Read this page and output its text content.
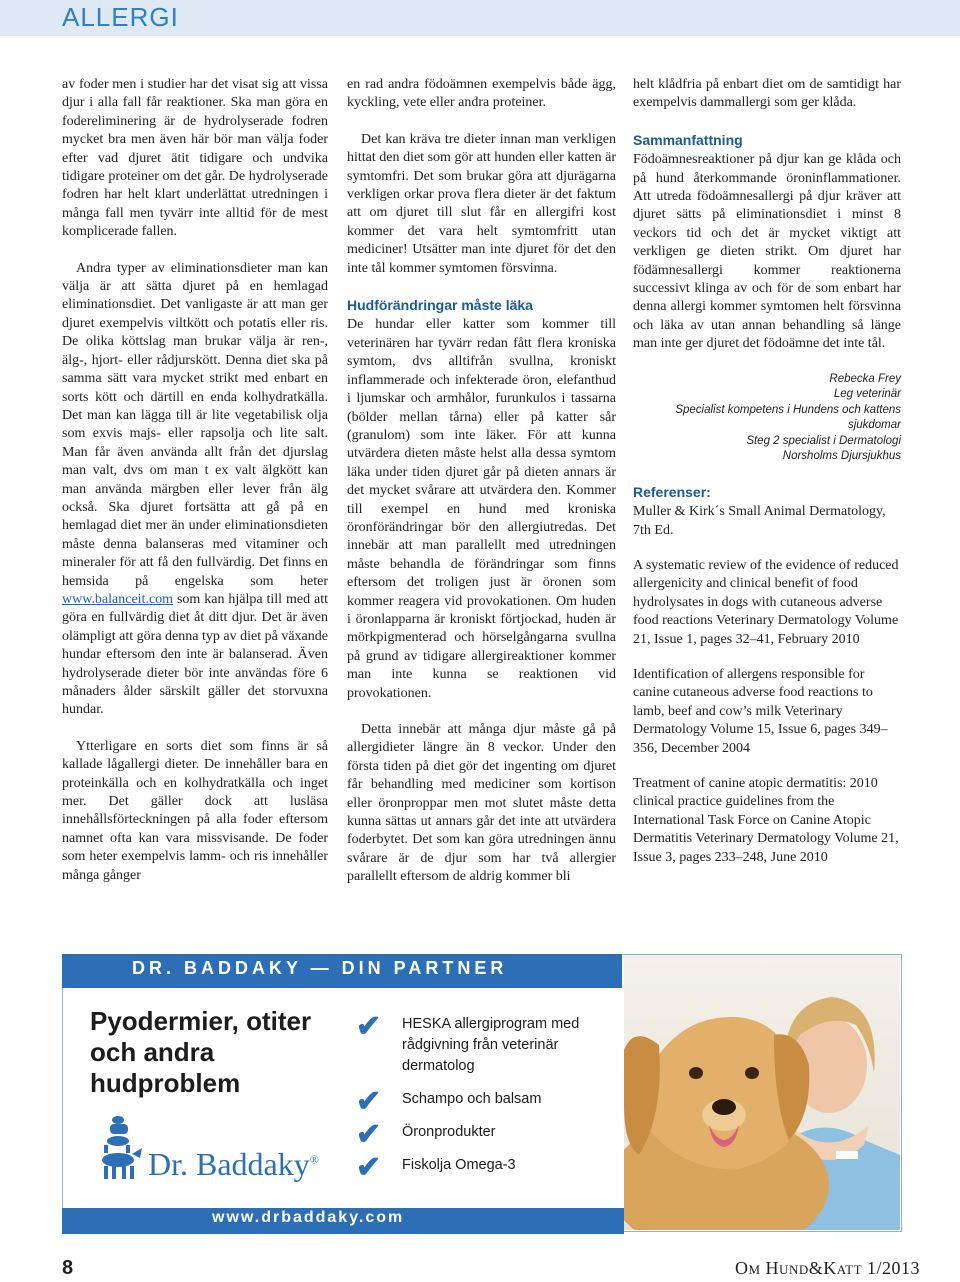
ALLERGI

av foder men i studier har det visat sig att vissa djur i alla fall får reaktioner. Ska man göra en fodereliminering är de hydrolyserade fodren mycket bra men även här bör man välja foder efter vad djuret ätit tidigare och undvika tidigare proteiner om det går. De hydrolyserade fodren har helt klart underlättat utredningen i många fall men tyvärr inte alltid för de mest komplicerade fallen.

Andra typer av eliminationsdieter man kan välja är att sätta djuret på en hemlagad eliminationsdiet. Det vanligaste är att man ger djuret exempelvis viltkött och potatis eller ris. De olika köttslag man brukar välja är ren-, älg-, hjort- eller rådjurskött. Denna diet ska på samma sätt vara mycket strikt med enbart en sorts kött och därtill en enda kolhydratkälla. Det man kan lägga till är lite vegetabilisk olja som exvis majs- eller rapsolja och lite salt. Man får även använda allt från det djurslag man valt, dvs om man t ex valt älgkött kan man använda märgben eller lever från älg också. Ska djuret fortsätta att gå på en hemlagad diet mer än under eliminationsdieten måste denna balanseras med vitaminer och mineraler för att få den fullvärdig. Det finns en hemsida på engelska som heter www.balanceit.com som kan hjälpa till med att göra en fullvärdig diet åt ditt djur. Det är även olämpligt att göra denna typ av diet på växande hundar eftersom den inte är balanserad. Även hydrolyserade dieter bör inte användas före 6 månaders ålder särskilt gäller det storvuxna hundar.

Ytterligare en sorts diet som finns är så kallade lågallergi dieter. De innehåller bara en proteinkälla och en kolhydratkälla och inget mer. Det gäller dock att lusläsa innehållsförteckningen på alla foder eftersom namnet ofta kan vara missvisande. De foder som heter exempelvis lamm- och ris innehåller många gånger

en rad andra födoämnen exempelvis både ägg, kyckling, vete eller andra proteiner.

Det kan kräva tre dieter innan man verkligen hittat den diet som gör att hunden eller katten är symtomfri. Det som brukar göra att djurägarna verkligen orkar prova flera dieter är det faktum att om djuret till slut får en allergifri kost kommer det vara helt symtomfritt utan mediciner! Utsätter man inte djuret för det den inte tål kommer symtomen försvinna.

Hudförändringar måste läka

De hundar eller katter som kommer till veterinären har tyvärr redan fått flera kroniska symtom, dvs alltifrån svullna, kroniskt inflammerade och infekterade öron, elefanthud i ljumskar och armhålor, furunkulos i tassarna (bölder mellan tårna) eller på katter sår (granulom) som inte läker. För att kunna utvärdera dieten måste helst alla dessa symtom läka under tiden djuret går på dieten annars är det mycket svårare att utvärdera den. Kommer till exempel en hund med kroniska öronförändringar bör den allergiutredas. Det innebär att man parallellt med utredningen måste behandla de förändringar som finns eftersom det troligen just är öronen som kommer reagera vid provokationen. Om huden i öronlapparna är kroniskt förtjockad, huden är mörkpigmenterad och hörselgångarna svullna på grund av tidigare allergireaktioner kommer man inte kunna se reaktionen vid provokationen.

Detta innebär att många djur måste gå på allergidieter längre än 8 veckor. Under den första tiden på diet gör det ingenting om djuret får behandling med mediciner som kortison eller öronproppar men mot slutet måste detta kunna sättas ut annars går det inte att utvärdera foderbytet. Det som kan göra utredningen ännu svårare är de djur som har två allergier parallellt eftersom de aldrig kommer bli

helt klådfria på enbart diet om de samtidigt har exempelvis dammallergi som ger klåda.

Sammanfattning

Födoämnesreaktioner på djur kan ge klåda och på hund återkommande öroninflammationer. Att utreda födoämnesallergi på djur kräver att djuret sätts på eliminationsdiet i minst 8 veckors tid och det är mycket viktigt att verkligen ge dieten strikt. Om djuret har födämnesallergi kommer reaktionerna successivt klinga av och för de som enbart har denna allergi kommer symtomen helt försvinna och läka av utan annan behandling så länge man inte ger djuret det födoämne det inte tål.

Rebecka Frey
Leg veterinär
Specialist kompetens i Hundens och kattens sjukdomar
Steg 2 specialist i Dermatologi
Norsholms Djursjukhus
Referenser:

Muller & Kirk´s Small Animal Dermatology, 7th Ed.

A systematic review of the evidence of reduced allergenicity and clinical benefit of food hydrolysates in dogs with cutaneous adverse food reactions Veterinary Dermatology Volume 21, Issue 1, pages 32–41, February 2010

Identification of allergens responsible for canine cutaneous adverse food reactions to lamb, beef and cow’s milk Veterinary Dermatology Volume 15, Issue 6, pages 349–356, December 2004

Treatment of canine atopic dermatitis: 2010 clinical practice guidelines from the International Task Force on Canine Atopic Dermatitis Veterinary Dermatology Volume 21, Issue 3, pages 233–248, June 2010

DR. BADDAKY — DIN PARTNER
Pyodermier, otiter och andra hudproblem
✔ HESKA allergiprogram med rådgivning från veterinär dermatolog
✔ Schampo och balsam
✔ Öronprodukter
✔ Fiskolja Omega-3
Dr. Baddaky®
www.drbaddaky.com
8	Om Hund&Katt 1/2013
